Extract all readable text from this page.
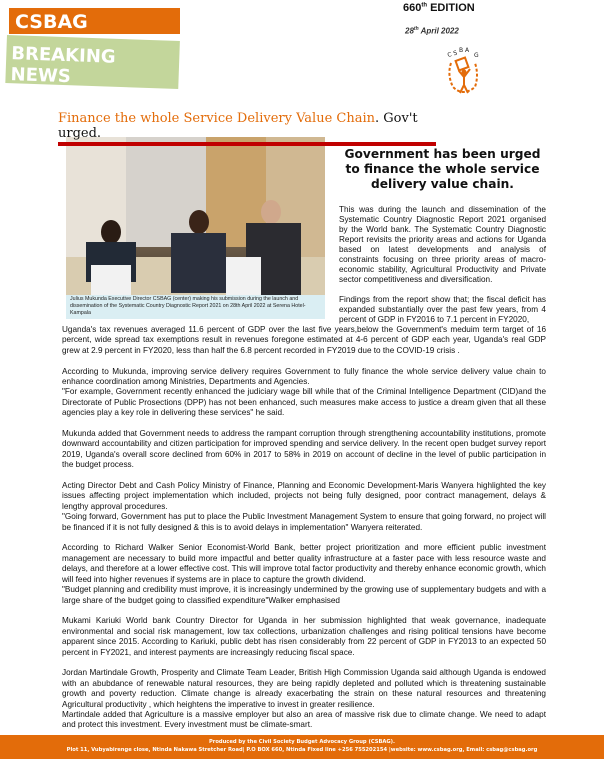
CSBAG
BREAKING NEWS
660th EDITION
28th April 2022
C S B A
G
Finance the whole Service Delivery Value Chain. Gov't urged.
Julius Mukunda Executive Director CSBAG (center) making his submission during the launch and dissemination of the Systematic Country Diagnostic Report 2021 on 28th April 2022 at Serena Hotel-Kampala
Government has been urged to finance the whole service delivery value chain.
This was during the launch and dissemination of the Systematic Country Diagnostic Report 2021 organised by the World bank. The Systematic Country Diagnostic Report revisits the priority areas and actions for Uganda based on latest developments and analysis of constraints focusing on three priority areas of macro-economic stability, Agricultural Productivity and Private sector competitiveness and diversification.
Findings from the report show that; the fiscal deficit has expanded substantially over the past few years, from 4 percent of GDP in FY2016 to 7.1 percent in FY2020,

Uganda's tax revenues averaged 11.6 percent of GDP over the last five years,below the Government's meduim term target of 16 percent, wide spread tax exemptions result in revenues foregone estimated at 4-6 percent of GDP each year, Uganda's real GDP grew at 2.9 percent in FY2020, less than half the 6.8 percent recorded in FY2019 due to the COVID-19 crisis .

According to Mukunda, improving service delivery requires Government to fully finance the whole service delivery value chain to enhance coordination among Ministries, Departments and Agencies.

"For example, Government recently enhanced the judiciary wage bill while that of the Criminal Intelligence Department (CID)and the Directorate of Public Prosections (DPP) has not been enhanced, such measures make access to justice a dream given that all these agencies play a key role in delivering these services" he said.

Mukunda added that Government needs to address the rampant corruption through strengthening accountability institutions, promote downward accountability and citizen participation for improved spending and service delivery. In the recent open budget survey report 2019, Uganda's overall score declined from 60% in 2017 to 58% in 2019 on account of decline in the level of public participation in the budget process.

Acting Director Debt and Cash Policy Ministry of Finance, Planning and Economic Development-Maris Wanyera highlighted the key issues affecting project implementation which included, projects not being fully designed, poor contract management, delays & lengthy approval procedures.

"Going forward, Government has put to place the Public Investment Management System to ensure that going forward, no project will be financed if it is not fully designed & this is to avoid delays in implementation" Wanyera reiterated.

According to Richard Walker Senior Economist-World Bank, better project prioritization and more efficient public investment management are necessary to build more impactful and better quality infrastructure at a faster pace with less resource waste and delays, and therefore at a lower effective cost. This will improve total factor productivity and thereby enhance economic growth, which will feed into higher revenues if systems are in place to capture the growth dividend.

"Budget planning and credibility must improve, it is increasingly undermined by the growing use of supplementary budgets and with a large share of the budget going to classified expenditure"Walker emphasised

Mukami Kariuki World bank Country Director for Uganda in her submission highlighted that weak governance, inadequate environmental and social risk management, low tax collections, urbanization challenges and rising political tensions have become apparent since 2015. According to Kariuki, public debt has risen considerably from 22 percent of GDP in FY2013 to an expected 50 percent in FY2021, and interest payments are increasingly reducing fiscal space.

Jordan Martindale Growth, Prosperity and Climate Team Leader, British High Commission Uganda said although Uganda is endowed with an abubdance of renewable natural resources, they are being rapidly depleted and polluted which is threatening sustainable growth and poverty reduction. Climate change is already exacerbating the strain on these natural resources and threatening Agricultural productivity , which heightens the imperative to invest in greater resilience.

Martindale added that Agriculture is a massive employer but also an area of massive risk due to climate change. We need to adapt and protect this investment. Every investment must be climate-smart.

Produced by the Civil Society Budget Advocacy Group (CSBAG).
Plot 11, Vubyabirenge close, Ntinda Nakawa Stretcher Road| P.O BOX 660, Ntinda Fixed line +256 755202154 |website: www.csbag.org, Email: csbag@csbag.org
